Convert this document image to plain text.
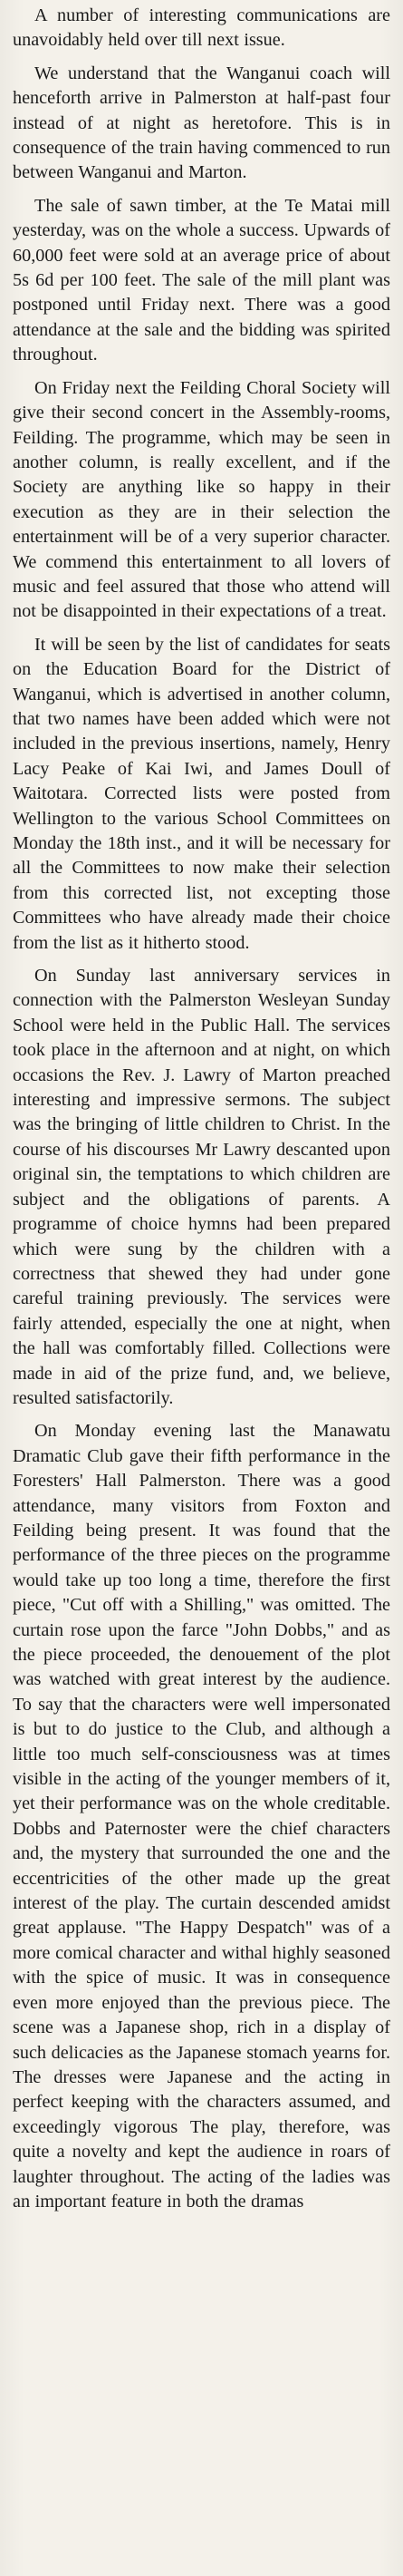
A number of interesting communications are unavoidably held over till next issue.

We understand that the Wanganui coach will henceforth arrive in Palmerston at half-past four instead of at night as heretofore. This is in consequence of the train having commenced to run between Wanganui and Marton.

The sale of sawn timber, at the Te Matai mill yesterday, was on the whole a success. Upwards of 60,000 feet were sold at an average price of about 5s 6d per 100 feet. The sale of the mill plant was postponed until Friday next. There was a good attendance at the sale and the bidding was spirited throughout.

On Friday next the Feilding Choral Society will give their second concert in the Assembly-rooms, Feilding. The programme, which may be seen in another column, is really excellent, and if the Society are anything like so happy in their execution as they are in their selection the entertainment will be of a very superior character. We commend this entertainment to all lovers of music and feel assured that those who attend will not be disappointed in their expectations of a treat.

It will be seen by the list of candidates for seats on the Education Board for the District of Wanganui, which is advertised in another column, that two names have been added which were not included in the previous insertions, namely, Henry Lacy Peake of Kai Iwi, and James Doull of Waitotara. Corrected lists were posted from Wellington to the various School Committees on Monday the 18th inst., and it will be necessary for all the Committees to now make their selection from this corrected list, not excepting those Committees who have already made their choice from the list as it hitherto stood.

On Sunday last anniversary services in connection with the Palmerston Wesleyan Sunday School were held in the Public Hall. The services took place in the afternoon and at night, on which occasions the Rev. J. Lawry of Marton preached interesting and impressive sermons. The subject was the bringing of little children to Christ. In the course of his discourses Mr Lawry descanted upon original sin, the temptations to which children are subject and the obligations of parents. A programme of choice hymns had been prepared which were sung by the children with a correctness that shewed they had under gone careful training previously. The services were fairly attended, especially the one at night, when the hall was comfortably filled. Collections were made in aid of the prize fund, and, we believe, resulted satisfactorily.

On Monday evening last the Manawatu Dramatic Club gave their fifth performance in the Foresters' Hall Palmerston. There was a good attendance, many visitors from Foxton and Feilding being present. It was found that the performance of the three pieces on the programme would take up too long a time, therefore the first piece, "Cut off with a Shilling," was omitted. The curtain rose upon the farce "John Dobbs," and as the piece proceeded, the denouement of the plot was watched with great interest by the audience. To say that the characters were well impersonated is but to do justice to the Club, and although a little too much self-consciousness was at times visible in the acting of the younger members of it, yet their performance was on the whole creditable. Dobbs and Paternoster were the chief characters and, the mystery that surrounded the one and the eccentricities of the other made up the great interest of the play. The curtain descended amidst great applause. "The Happy Despatch" was of a more comical character and withal highly seasoned with the spice of music. It was in consequence even more enjoyed than the previous piece. The scene was a Japanese shop, rich in a display of such delicacies as the Japanese stomach yearns for. The dresses were Japanese and the acting in perfect keeping with the characters assumed, and exceedingly vigorous The play, therefore, was quite a novelty and kept the audience in roars of laughter throughout. The acting of the ladies was an important feature in both the dramas
